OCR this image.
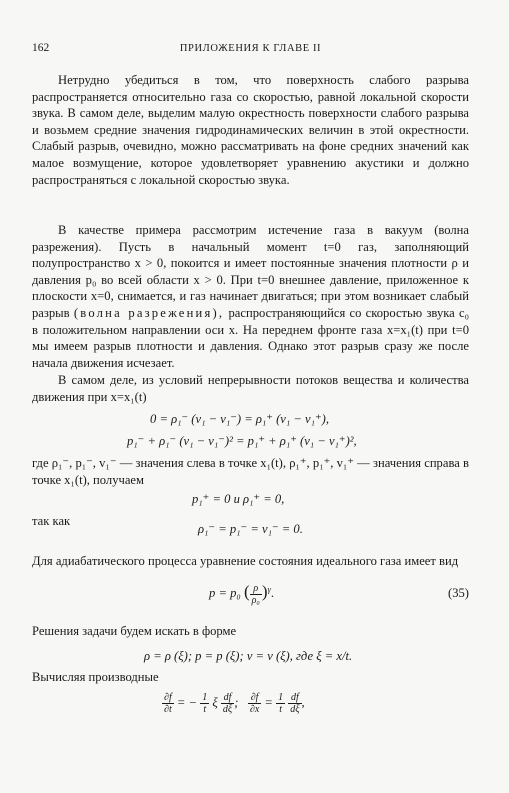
162	ПРИЛОЖЕНИЯ К ГЛАВЕ II

Нетрудно убедиться в том, что поверхность слабого разрыва распространяется относительно газа со скоростью, равной локальной скорости звука. В самом деле, выделим малую окрестность поверхности слабого разрыва и возьмем средние значения гидродинамических величин в этой окрестности. Слабый разрыв, очевидно, можно рассматривать на фоне средних значений как малое возмущение, которое удовлетворяет уравнению акустики и должно распространяться с локальной скоростью звука.

В качестве примера рассмотрим истечение газа в вакуум (волна разрежения). Пусть в начальный момент t=0 газ, заполняющий полупространство x > 0, покоится и имеет постоянные значения плотности ρ и давления p₀ во всей области x > 0. При t=0 внешнее давление, приложенное к плоскости x=0, снимается, и газ начинает двигаться; при этом возникает слабый разрыв (волна разрежения), распространяющийся со скоростью звука c₀ в положительном направлении оси x. На переднем фронте газа x=x₁(t) при t=0 мы имеем разрыв плотности и давления. Однако этот разрыв сразу же после начала движения исчезает.

В самом деле, из условий непрерывности потоков вещества и количества движения при x=x₁(t)

0 = ρ₁⁻ (v₁ − v₁⁻) = ρ₁⁺ (v₁ − v₁⁺),
p₁⁻ + ρ₁⁻ (v₁ − v₁⁻)² = p₁⁺ + ρ₁⁺ (v₁ − v₁⁺)²,

где ρ₁⁻, p₁⁻, v₁⁻ — значения слева в точке x₁(t), ρ₁⁺, p₁⁺, v₁⁺ — значения справа в точке x₁(t), получаем

p₁⁺ = 0 и ρ₁⁺ = 0,

так как

ρ₁⁻ = p₁⁻ = v₁⁻ = 0.

Для адиабатического процесса уравнение состояния идеального газа имеет вид

p = p₀ ( $\frac{\rho}{\text{ρ₀}} )^\gamma$.	(35)

Решения задачи будем искать в форме

ρ = ρ (ξ); p = p (ξ); v = v (ξ), где ξ = x/t.

Вычисляя производные

$\frac{\partial f}{\partial t}$ = − $\frac{1}{t}$ ξ $\frac{df}{d\xi}$ ; $\frac{\partial f}{\partial x} = \frac{1}{t}$
$\frac{df}{d\xi}$ ,
